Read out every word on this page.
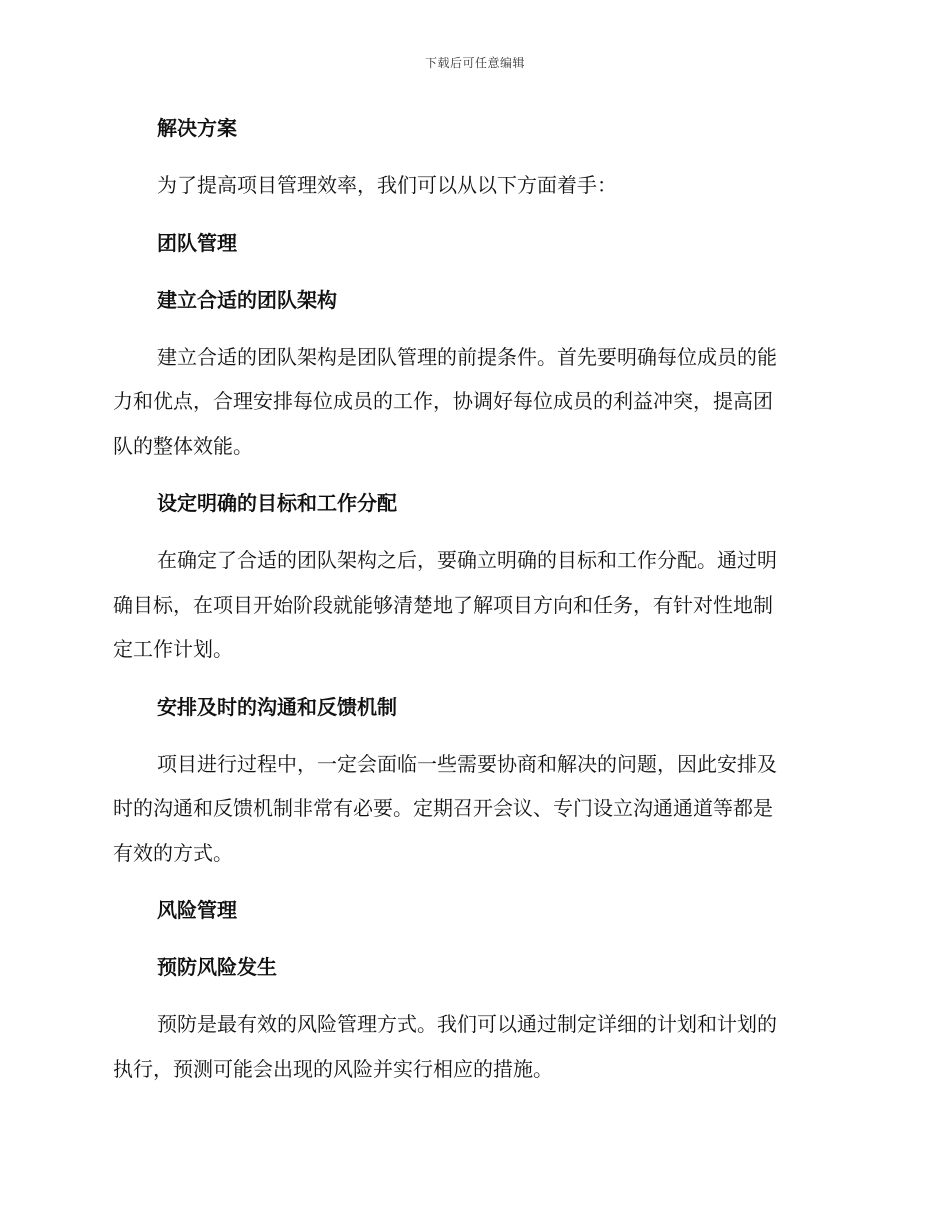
下载后可任意编辑
解决方案
为了提高项目管理效率，我们可以从以下方面着手：
团队管理
建立合适的团队架构
建立合适的团队架构是团队管理的前提条件。首先要明确每位成员的能
力和优点，合理安排每位成员的工作，协调好每位成员的利益冲突，提高团
队的整体效能。
设定明确的目标和工作分配
在确定了合适的团队架构之后，要确立明确的目标和工作分配。通过明
确目标，在项目开始阶段就能够清楚地了解项目方向和任务，有针对性地制
定工作计划。
安排及时的沟通和反馈机制
项目进行过程中，一定会面临一些需要协商和解决的问题，因此安排及
时的沟通和反馈机制非常有必要。定期召开会议、专门设立沟通通道等都是
有效的方式。
风险管理
预防风险发生
预防是最有效的风险管理方式。我们可以通过制定详细的计划和计划的
执行，预测可能会出现的风险并实行相应的措施。
